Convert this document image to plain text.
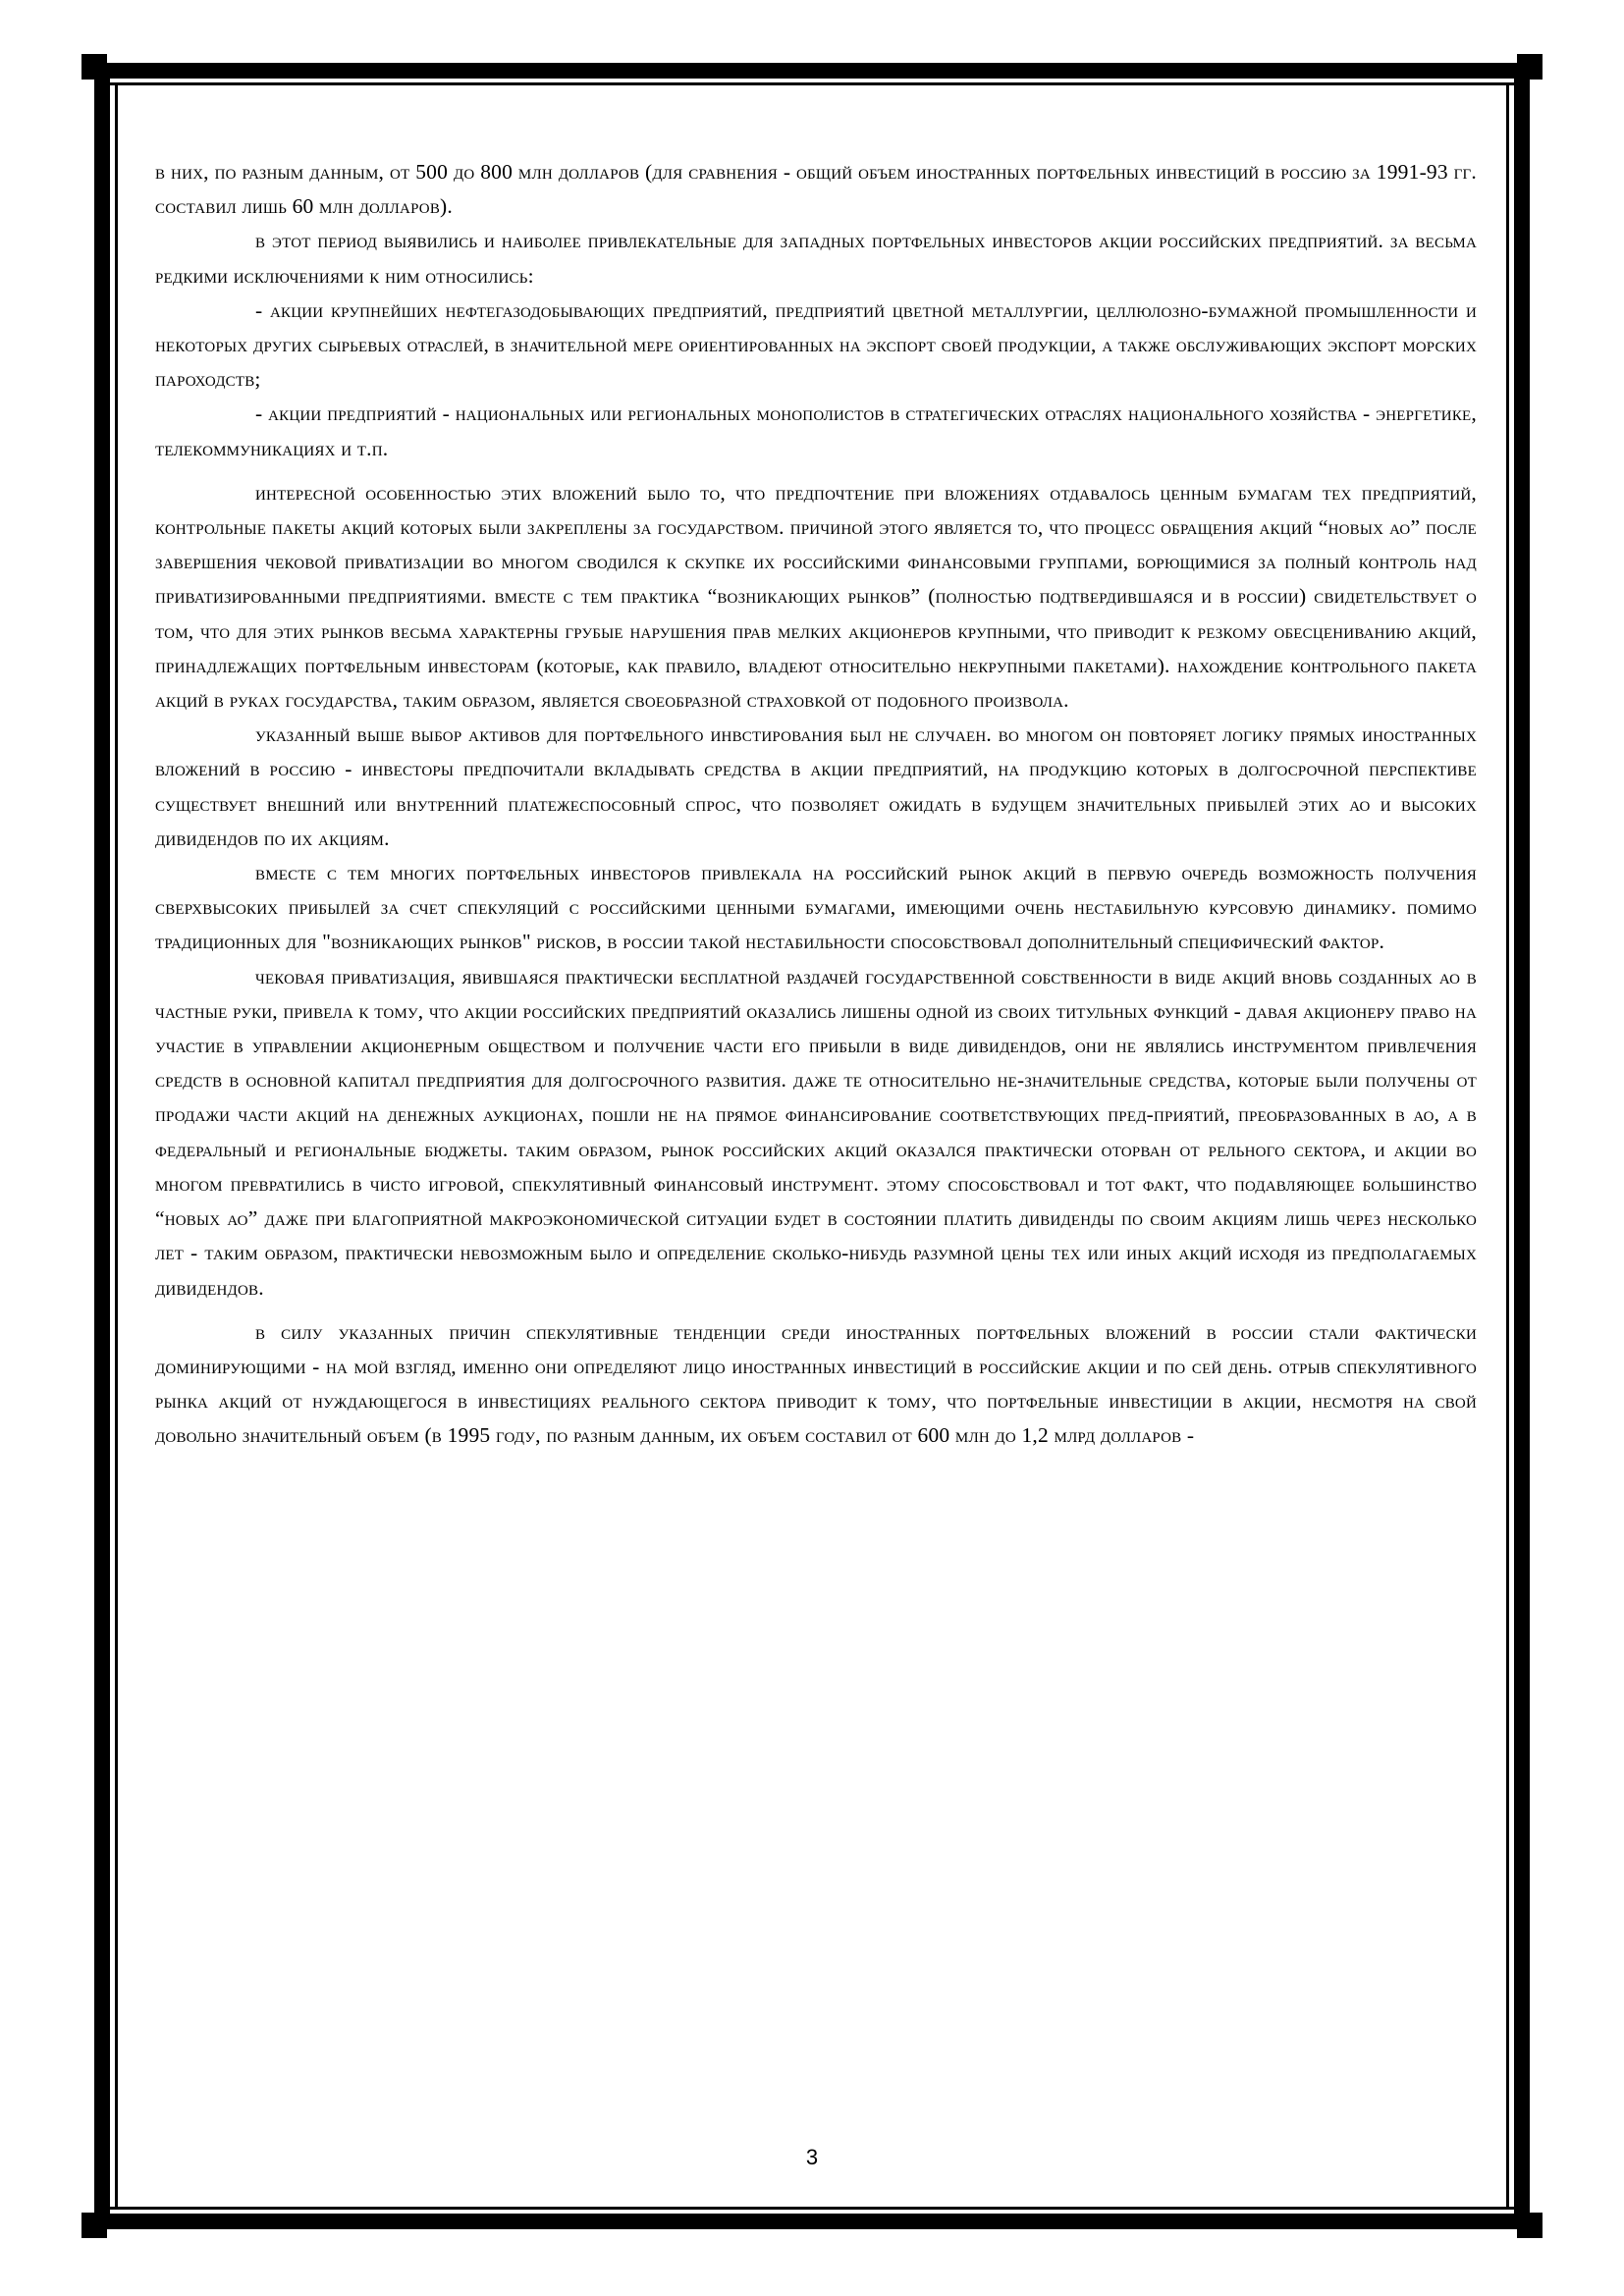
в них, по разным данным, от 500 до 800 млн долларов (для сравнения - общий объем иностранных портфельных инвестиций в россию за 1991-93 гг. составил лишь 60 млн долларов).

в этот период выявились и наиболее привлекательные для западных портфельных инвесторов акции российских предприятий. за весьма редкими исключениями к ним относились:

- акции крупнейших нефтегазодобывающих предприятий, предприятий цветной металлургии, целлюлозно-бумажной промышленности и некоторых других сырьевых отраслей, в значительной мере ориентированных на экспорт своей продукции, а также обслуживающих экспорт морских пароходств;

- акции предприятий - национальных или региональных монополистов в стратегических отраслях национального хозяйства - энергетике, телекоммуникациях и т.п.

интересной особенностью этих вложений было то, что предпочтение при вложениях отдавалось ценным бумагам тех предприятий, контрольные пакеты акций которых были закреплены за государством. причиной этого является то, что процесс обращения акций “новых ао” после завершения чековой приватизации во многом сводился к скупке их российскими финансовыми группами, борющимися за полный контроль над приватизированными предприятиями. вместе с тем практика “возникающих рынков” (полностью подтвердившаяся и в россии) свидетельствует о том, что для этих рынков весьма характерны грубые нарушения прав мелких акционеров крупными, что приводит к резкому обесцениванию акций, принадлежащих портфельным инвесторам (которые, как правило, владеют относительно некрупными пакетами). нахождение контрольного пакета акций в руках государства, таким образом, является своеобразной страховкой от подобного произвола.

указанный выше выбор активов для портфельного инвстирования был не случаен. во многом он повторяет логику прямых иностранных вложений в россию - инвесторы предпочитали вкладывать средства в акции предприятий, на продукцию которых в долгосрочной перспективе существует внешний или внутренний платежеспособный спрос, что позволяет ожидать в будущем значительных прибылей этих ао и высоких дивидендов по их акциям.

вместе с тем многих портфельных инвесторов привлекала на российский рынок акций в первую очередь возможность получения сверхвысоких прибылей за счет спекуляций с российскими ценными бумагами, имеющими очень нестабильную курсовую динамику. помимо традиционных для "возникающих рынков" рисков, в россии такой нестабильности способствовал дополнительный специфический фактор.

чековая приватизация, явившаяся практически бесплатной раздачей государственной собственности в виде акций вновь созданных ао в частные руки, привела к тому, что акции российских предприятий оказались лишены одной из своих титульных функций - давая акционеру право на участие в управлении акционерным обществом и получение части его прибыли в виде дивидендов, они не являлись инструментом привлечения средств в основной капитал предприятия для долгосрочного развития. даже те относительно не-значительные средства, которые были получены от продажи части акций на денежных аукционах, пошли не на прямое финансирование соответствующих пред-приятий, преобразованных в ао, а в федеральный и региональные бюджеты. таким образом, рынок российских акций оказался практически оторван от рельного сектора, и акции во многом превратились в чисто игровой, спекулятивный финансовый инструмент. этому способствовал и тот факт, что подавляющее большинство “новых ао” даже при благоприятной макроэкономической ситуации будет в состоянии платить дивиденды по своим акциям лишь через несколько лет - таким образом, практически невозможным было и определение сколько-нибудь разумной цены тех или иных акций исходя из предполагаемых дивидендов.

в силу указанных причин спекулятивные тенденции среди иностранных портфельных вложений в россии стали фактически доминирующими - на мой взгляд, именно они определяют лицо иностранных инвестиций в российские акции и по сей день. отрыв спекулятивного рынка акций от нуждающегося в инвестициях реального сектора приводит к тому, что портфельные инвестиции в акции, несмотря на свой довольно значительный объем (в 1995 году, по разным данным, их объем составил от 600 млн до 1,2 млрд долларов -

3
